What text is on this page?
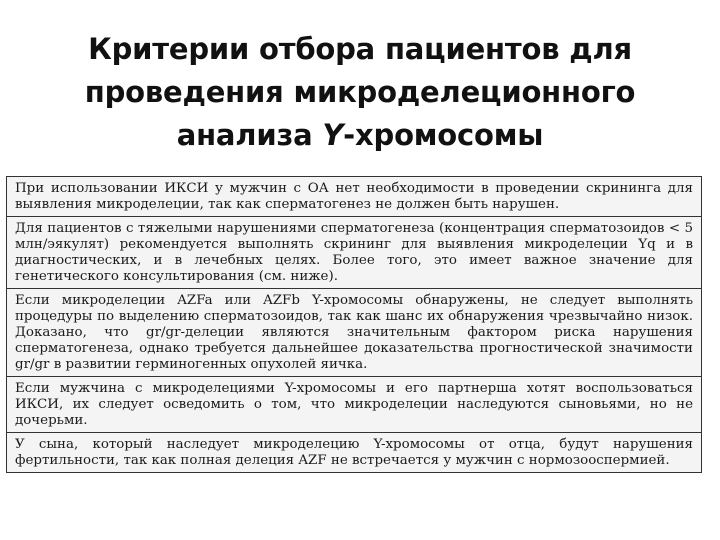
Критерии отбора пациентов для
проведения микроделеционного
анализа Y-хромосомы
При использовании ИКСИ у мужчин с ОА нет необходимости в проведении скрининга для выявления микроделеции, так как сперматогенез не должен быть нарушен.
Для пациентов с тяжелыми нарушениями сперматогенеза (концентрация сперматозоидов < 5 млн/эякулят) рекомендуется выполнять скрининг для выявления микроделеции Yq и в диагностических, и в лечебных целях. Более того, это имеет важное значение для генетического консультирования (см. ниже).
Если микроделеции AZFa или AZFb Y-хромосомы обнаружены, не следует выполнять процедуры по выделению сперматозоидов, так как шанс их обнаружения чрезвычайно низок. Доказано, что gr/gr-делеции являются значительным фактором риска нарушения сперматогенеза, однако требуется дальнейшее доказательства прогностической значимости gr/gr в развитии герминогенных опухолей яичка.
Если мужчина с микроделециями Y-хромосомы и его партнерша хотят воспользоваться ИКСИ, их следует осведомить о том, что микроделеции наследуются сыновьями, но не дочерьми.
У сына, который наследует микроделецию Y-хромосомы от отца, будут нарушения фертильности, так как полная делеция AZF не встречается у мужчин с нормозооспермией.
